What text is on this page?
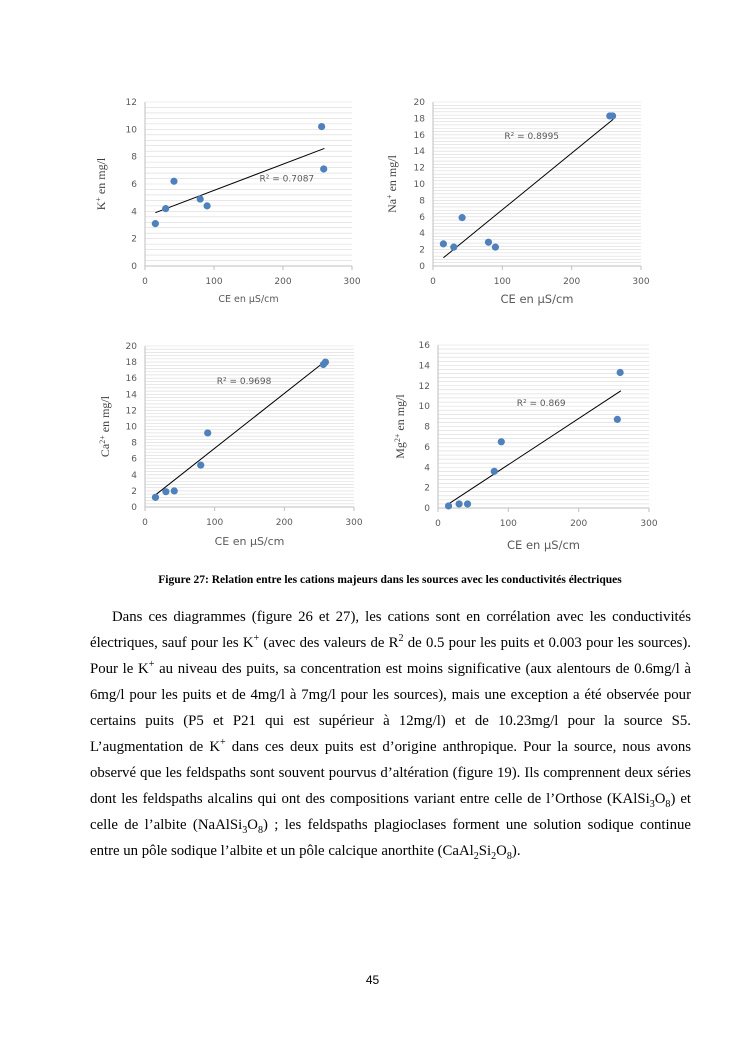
0
2
4
6
8
10
12
0	100	200	300
R² = 0.7087
CE en µS/cm
K+ en mg/l
0
2
4
6
8
10
12
14
16
18
20
0	100	200	300
R² = 0.8995
CE en µS/cm
Na+ en mg/l
0
2
4
6
8
10
12
14
16
18
20
0	100	200	300
R² = 0.9698
CE en µS/cm
$Ca^{2+}$ en mg/l
0
2
4
6
8
10
12
14
16
0	100	200	300
R² = 0.869
CE en µS/cm
$Mg^{2+}$ en mg/l
Figure 27: Relation entre les cations majeurs dans les sources avec les conductivités électriques

Dans ces diagrammes (figure 26 et 27), les cations sont en corrélation avec les conductivités électriques, sauf pour les K+ (avec des valeurs de $R^2$ de 0.5 pour les puits et 0.003 pour les sources). Pour le K+ au niveau des puits, sa concentration est moins significative (aux alentours de 0.6mg/l à 6mg/l pour les puits et de 4mg/l à 7mg/l pour les sources), mais une exception a été observée pour certains puits (P5 et P21 qui est supérieur à 12mg/l) et de 10.23mg/l pour la source S5. L’augmentation de K+ dans ces deux puits est d’origine anthropique. Pour la source, nous avons observé que les feldspaths sont souvent pourvus d’altération (figure 19). Ils comprennent deux séries dont les feldspaths alcalins qui ont des compositions variant entre celle de l’Orthose $(KAlSi_3O_8)$ et celle de l’albite $(NaAlSi_3O_8)$ ; les feldspaths plagioclases forment une solution sodique continue entre un pôle sodique l’albite et un pôle calcique anorthite $(CaAl_2Si_2O_8)$.

45
